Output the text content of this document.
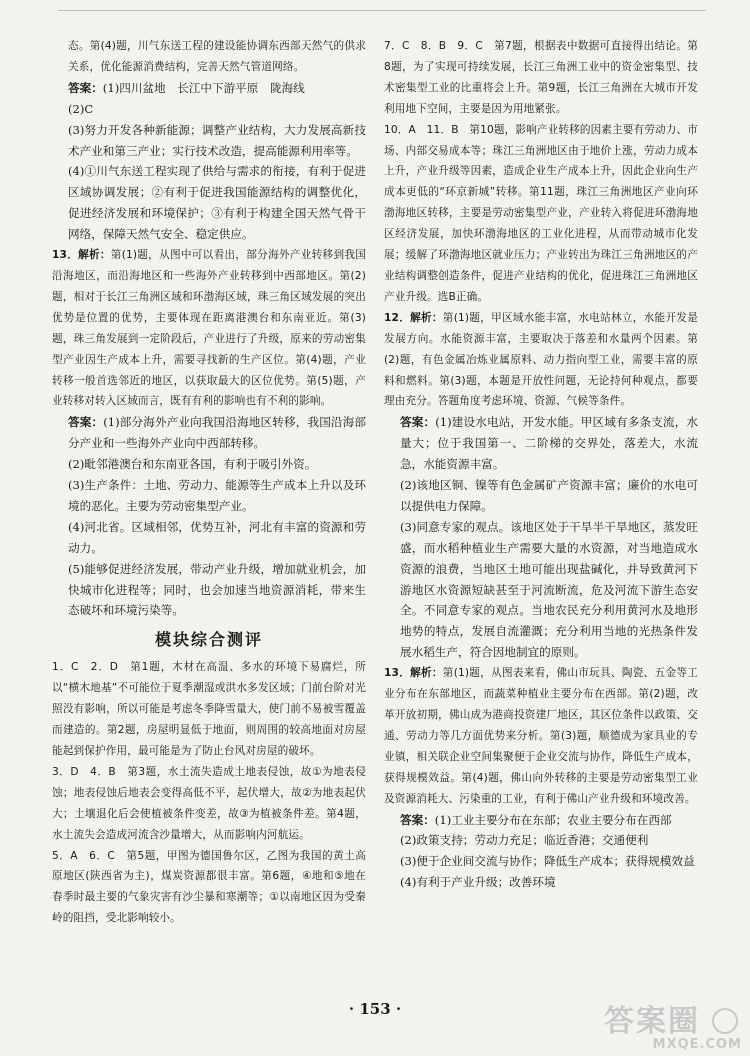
态。第(4)题，川气东送工程的建设能协调东西部天然气的供求关系，优化能源消费结构，完善天然气管道网络。

答案：(1)四川盆地　长江中下游平原　陇海线

(2)C

(3)努力开发各种新能源；调整产业结构，大力发展高新技术产业和第三产业；实行技术改造，提高能源利用率等。

(4)①川气东送工程实现了供给与需求的衔接，有利于促进区域协调发展；②有利于促进我国能源结构的调整优化，促进经济发展和环境保护；③有利于构建全国天然气骨干网络，保障天然气安全、稳定供应。

13．解析：第(1)题，从图中可以看出，部分海外产业转移到我国沿海地区，而沿海地区和一些海外产业转移到中西部地区。第(2)题，相对于长江三角洲区域和环渤海区域，珠三角区域发展的突出优势是位置的优势，主要体现在距离港澳台和东南亚近。第(3)题，珠三角发展到一定阶段后，产业进行了升级，原来的劳动密集型产业因生产成本上升，需要寻找新的生产区位。第(4)题，产业转移一般首选邻近的地区，以获取最大的区位优势。第(5)题，产业转移对转入区域而言，既有有利的影响也有不利的影响。

答案：(1)部分海外产业向我国沿海地区转移，我国沿海部分产业和一些海外产业向中西部转移。

(2)毗邻港澳台和东南亚各国，有利于吸引外资。

(3)生产条件：土地、劳动力、能源等生产成本上升以及环境的恶化。主要为劳动密集型产业。

(4)河北省。区域相邻，优势互补，河北有丰富的资源和劳动力。

(5)能够促进经济发展，带动产业升级，增加就业机会，加快城市化进程等；同时，也会加速当地资源消耗，带来生态破坏和环境污染等。

模块综合测评

1．C　2．D　第1题，木材在高温、多水的环境下易腐烂，所以“横木地基”不可能位于夏季潮湿或洪水多发区域；门前台阶对光照没有影响，所以可能是考虑冬季降雪量大，使门前不易被雪覆盖而建造的。第2题，房屋明显低于地面，则周围的较高地面对房屋能起到保护作用，最可能是为了防止台风对房屋的破坏。

3．D　4．B　第3题，水土流失造成土地表侵蚀，故①为地表侵蚀；地表侵蚀后地表会变得高低不平，起伏增大，故②为地表起伏大；土壤退化后会使植被条件变差，故③为植被条件差。第4题，水土流失会造成河流含沙量增大，从而影响内河航运。

5．A　6．C　第5题，甲图为德国鲁尔区，乙图为我国的黄土高原地区(陕西省为主)，煤炭资源都很丰富。第6题，④地和⑤地在春季时最主要的气象灾害有沙尘暴和寒潮等；①以南地区因为受秦岭的阻挡，受北影响较小。

7．C　8．B　9．C　第7题，根据表中数据可直接得出结论。第8题，为了实现可持续发展，长江三角洲工业中的资金密集型、技术密集型工业的比重将会上升。第9题，长江三角洲在大城市开发利用地下空间，主要是因为用地紧张。

10．A　11．B　第10题，影响产业转移的因素主要有劳动力、市场、内部交易成本等；珠江三角洲地区由于地价上涨，劳动力成本上升，产业升级等因素，造成企业生产成本上升，因此企业向生产成本更低的“环京新城”转移。第11题，珠江三角洲地区产业向环渤海地区转移，主要是劳动密集型产业，产业转入将促进环渤海地区经济发展，加快环渤海地区的工业化进程，从而带动城市化发展；缓解了环渤海地区就业压力；产业转出为珠江三角洲地区的产业结构调整创造条件，促进产业结构的优化，促进珠江三角洲地区产业升级。选B正确。

12．解析：第(1)题，甲区域水能丰富，水电站林立，水能开发是发展方向。水能资源丰富，主要取决于落差和水量两个因素。第(2)题，有色金属冶炼业属原料、动力指向型工业，需要丰富的原料和燃料。第(3)题，本题是开放性问题，无论持何种观点，都要理由充分。答题角度考虑环境、资源、气候等条件。

答案：(1)建设水电站，开发水能。甲区域有多条支流，水量大；位于我国第一、二阶梯的交界处，落差大，水流急，水能资源丰富。

(2)该地区铜、镍等有色金属矿产资源丰富；廉价的水电可以提供电力保障。

(3)同意专家的观点。该地区处于干旱半干旱地区，蒸发旺盛，而水稻种植业生产需要大量的水资源，对当地造成水资源的浪费，当地区土地可能出现盐碱化，并导致黄河下游地区水资源短缺甚至于河流断流，危及河流下游生态安全。不同意专家的观点。当地农民充分利用黄河水及地形地势的特点，发展自流灌溉；充分利用当地的光热条件发展水稻生产，符合因地制宜的原则。

13．解析：第(1)题，从图表来看，佛山市玩具、陶瓷、五金等工业分布在东部地区，而蔬菜种植业主要分布在西部。第(2)题，改革开放初期，佛山成为港商投资建厂地区，其区位条件以政策、交通、劳动力等几方面优势来分析。第(3)题，顺德成为家具业的专业镇，相关联企业空间集聚便于企业交流与协作，降低生产成本，获得规模效益。第(4)题，佛山向外转移的主要是劳动密集型工业及资源消耗大、污染重的工业，有利于佛山产业升级和环境改善。

答案：(1)工业主要分布在东部；农业主要分布在西部

(2)政策支持；劳动力充足；临近香港；交通便利

(3)便于企业间交流与协作；降低生产成本；获得规模效益

(4)有利于产业升级；改善环境

· 153 ·	答案圈
MXQE.COM
